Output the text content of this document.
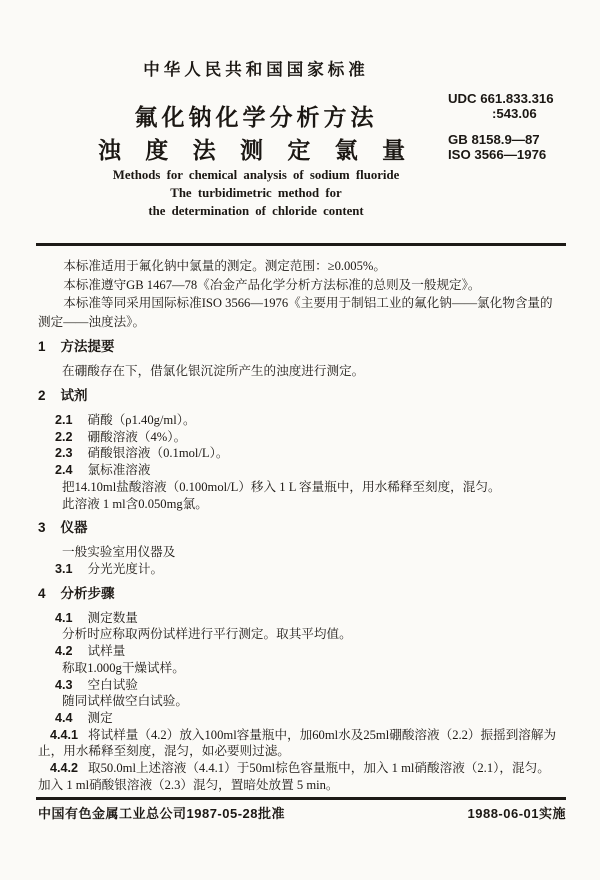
中华人民共和国国家标准
氟化钠化学分析方法
浊 度 法 测 定 氯 量
Methods for chemical analysis of sodium fluoride
The turbidimetric method for
the determination of chloride content
UDC 661.833.316
:543.06
GB 8158.9—87
ISO 3566—1976

本标准适用于氟化钠中氯量的测定。测定范围：≥0.005%。

本标准遵守GB 1467—78《冶金产品化学分析方法标准的总则及一般规定》。

本标准等同采用国际标准ISO 3566—1976《主要用于制铝工业的氟化钠——氯化物含量的测定——浊度法》。

1 方法提要

在硼酸存在下，借氯化银沉淀所产生的浊度进行测定。

2 试剂

2.1 硝酸（ρ1.40g/ml）。

2.2 硼酸溶液（4%）。

2.3 硝酸银溶液（0.1mol/L）。

2.4 氯标准溶液

把14.10ml盐酸溶液（0.100mol/L）移入 1 L 容量瓶中，用水稀释至刻度，混匀。

此溶液 1 ml含0.050mg氯。

3 仪器

一般实验室用仪器及

3.1 分光光度计。

4 分析步骤

4.1 测定数量

分析时应称取两份试样进行平行测定。取其平均值。

4.2 试样量

称取1.000g干燥试样。

4.3 空白试验

随同试样做空白试验。

4.4 测定

4.4.1 将试样量（4.2）放入100ml容量瓶中，加60ml水及25ml硼酸溶液（2.2）振摇到溶解为止，用水稀释至刻度，混匀，如必要则过滤。

4.4.2 取50.0ml上述溶液（4.4.1）于50ml棕色容量瓶中，加入 1 ml硝酸溶液（2.1），混匀。加入 1 ml硝酸银溶液（2.3）混匀，置暗处放置 5 min。

中国有色金属工业总公司1987-05-28批准	1988-06-01实施
